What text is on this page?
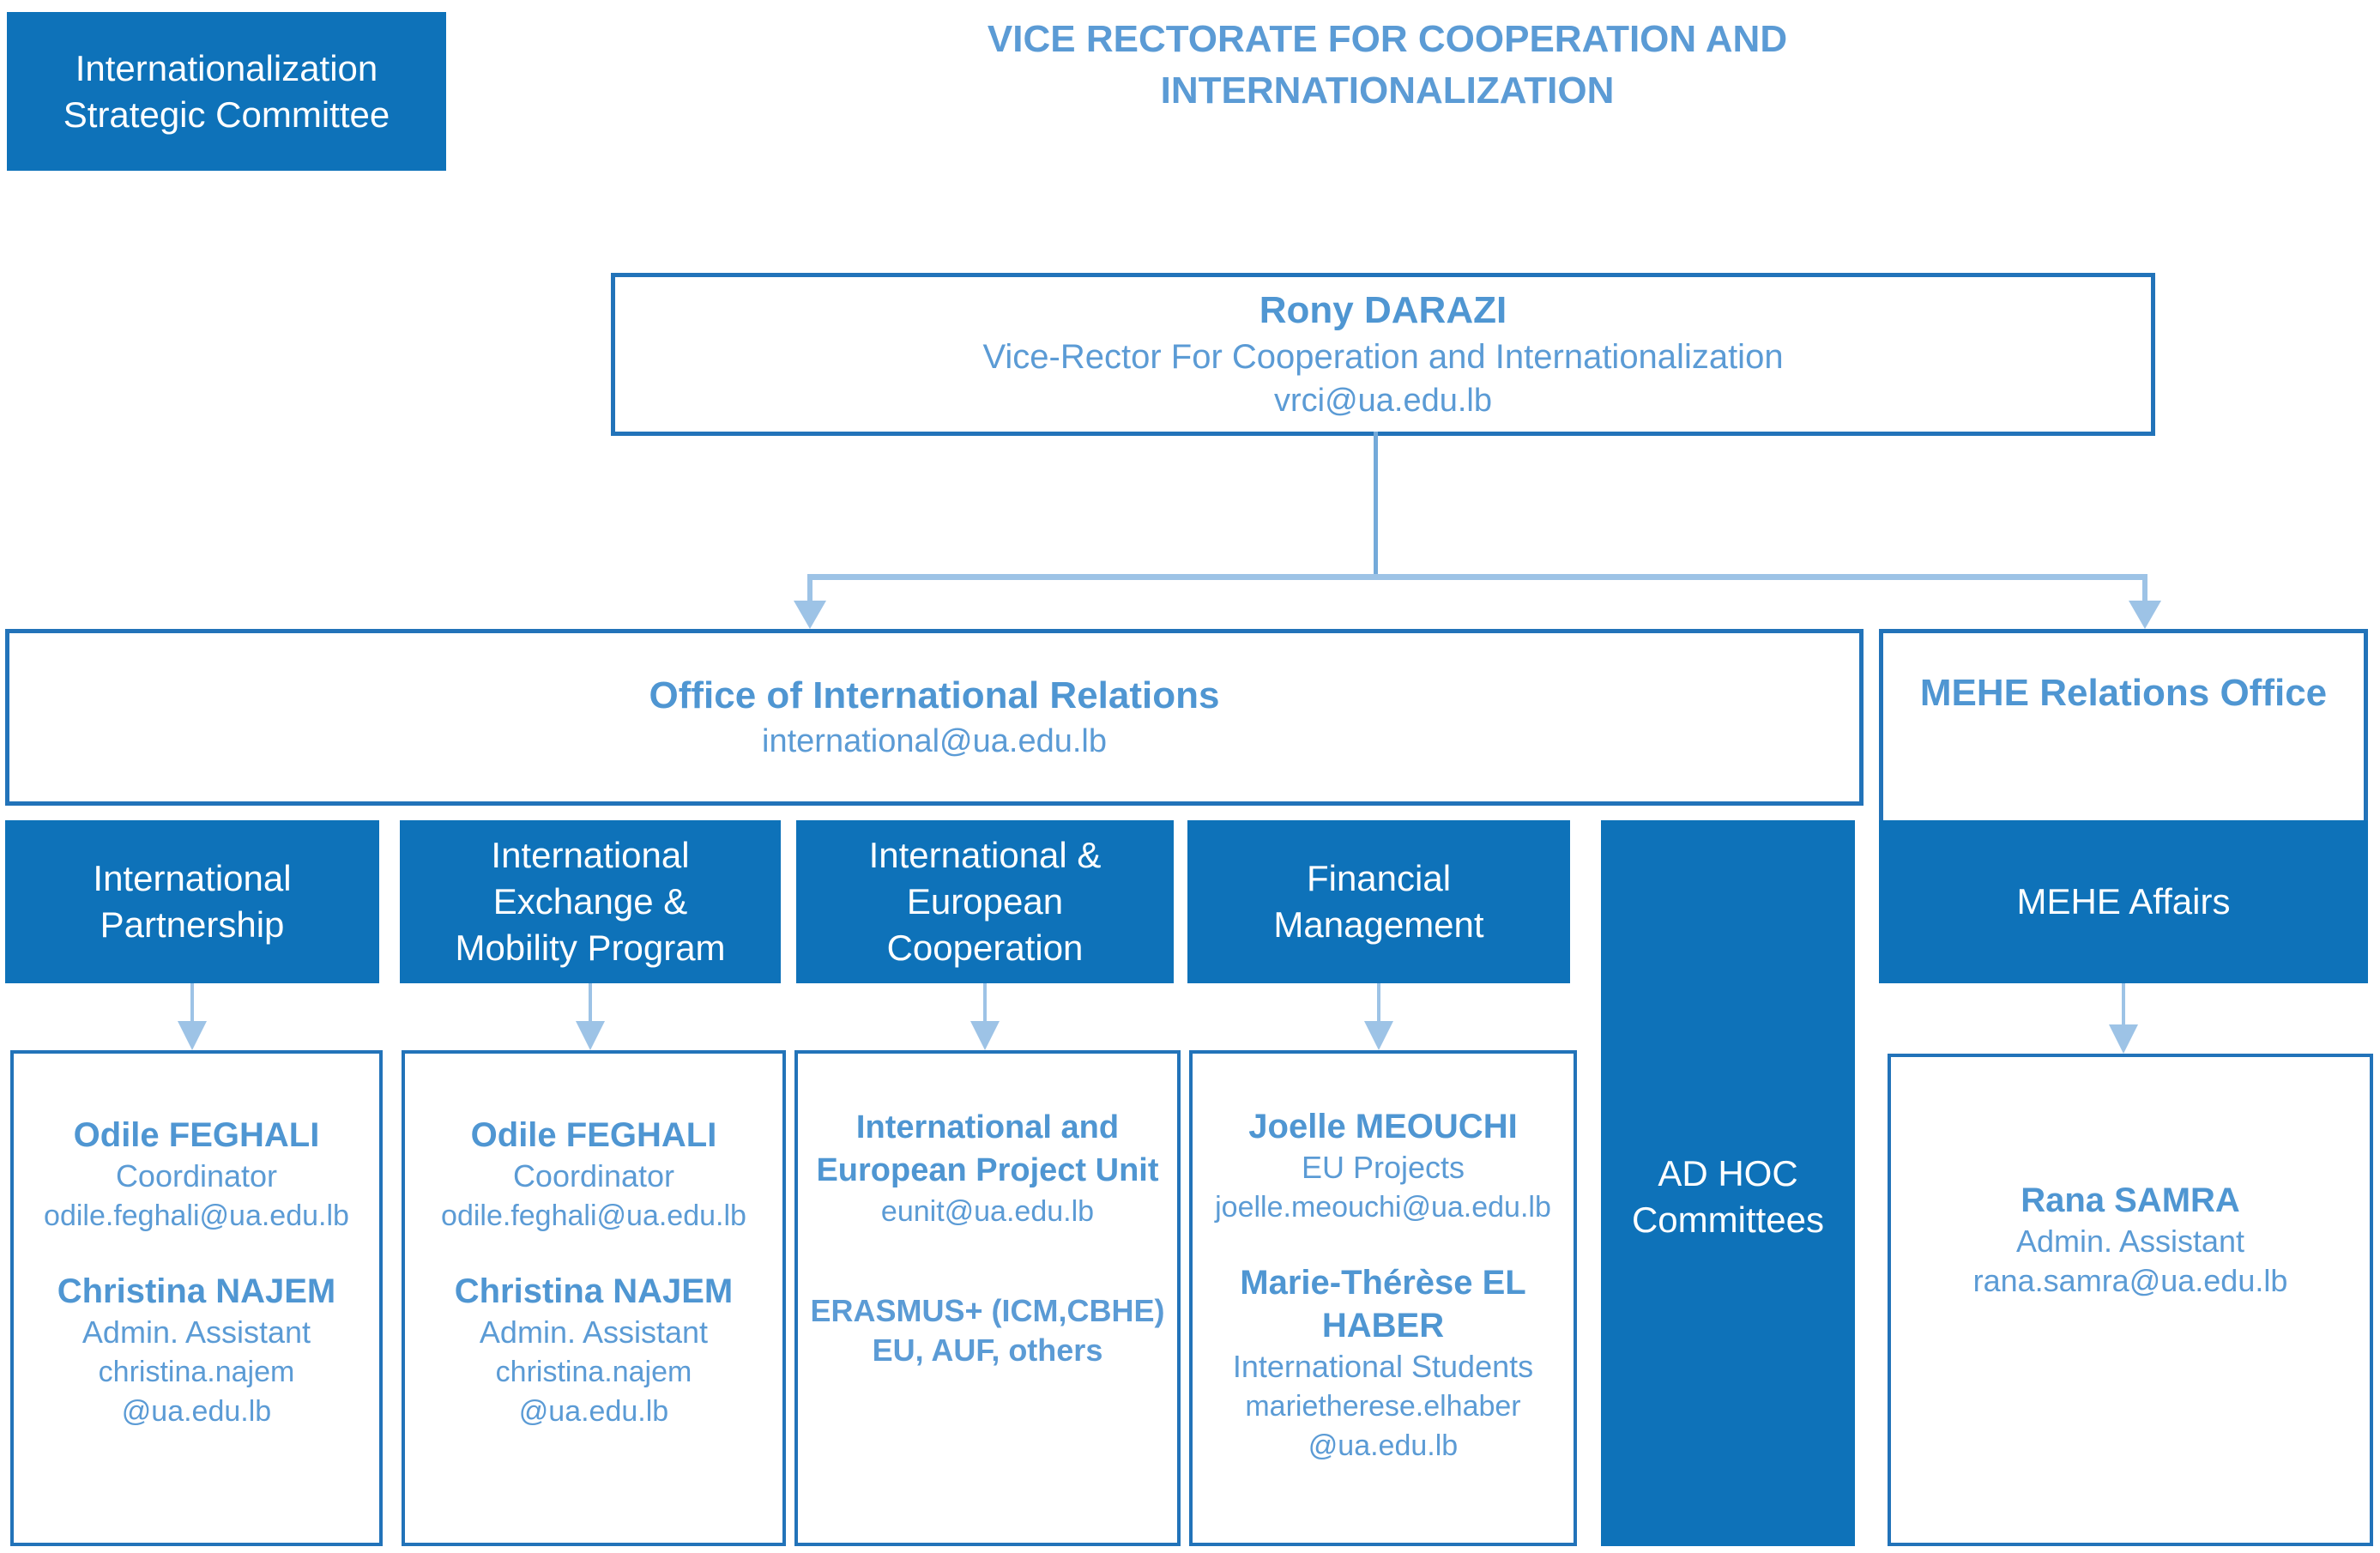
Internationalization Strategic Committee
VICE RECTORATE FOR COOPERATION AND
INTERNATIONALIZATION
Rony DARAZI
Vice-Rector For Cooperation and Internationalization
vrci@ua.edu.lb
Office of International Relations
international@ua.edu.lb
MEHE Relations Office
International Partnership
International Exchange & Mobility Program
International & European Cooperation
Financial Management
AD HOC Committees
MEHE Affairs
Odile FEGHALI
Coordinator
odile.feghali@ua.edu.lb
Christina NAJEM
Admin. Assistant
christina.najem
@ua.edu.lb
Odile FEGHALI
Coordinator
odile.feghali@ua.edu.lb
Christina NAJEM
Admin. Assistant
christina.najem
@ua.edu.lb
International and
European Project Unit
eunit@ua.edu.lb
ERASMUS+ (ICM,CBHE)
EU, AUF, others
Joelle MEOUCHI
EU Projects
joelle.meouchi@ua.edu.lb
Marie-Thérèse EL HABER
International Students
marietherese.elhaber
@ua.edu.lb
Rana SAMRA
Admin. Assistant
rana.samra@ua.edu.lb
